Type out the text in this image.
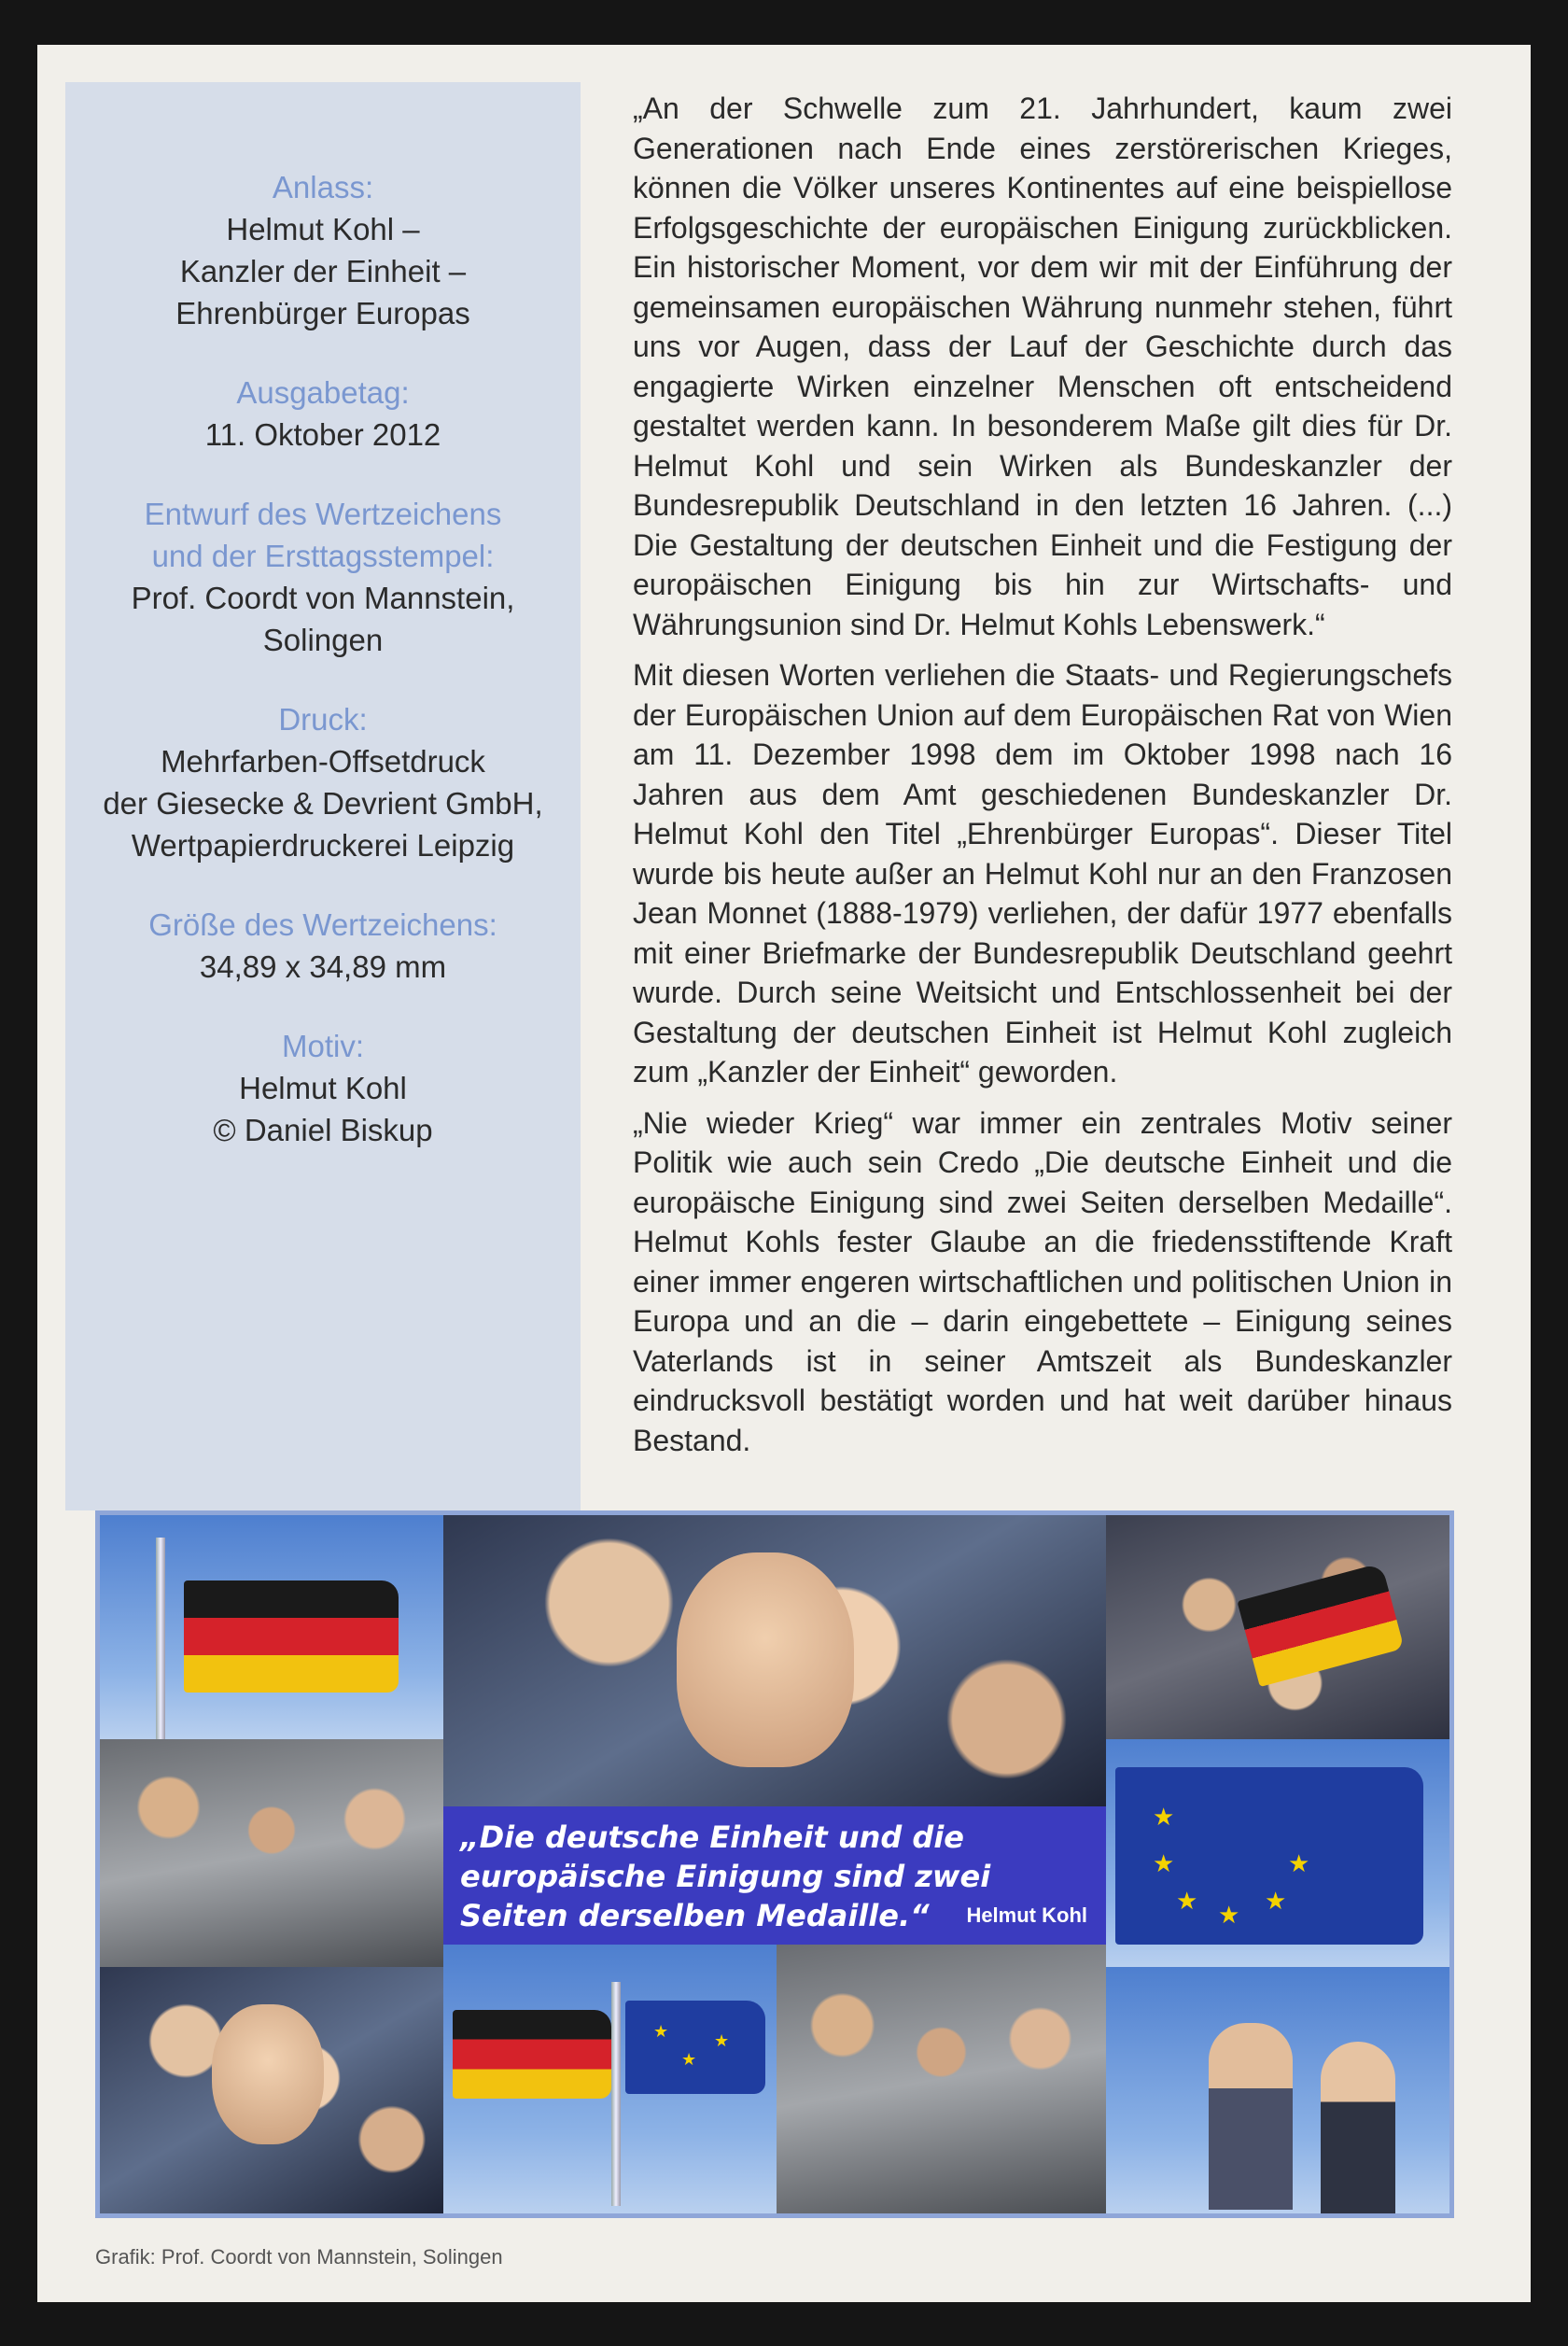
Anlass:
Helmut Kohl –
Kanzler der Einheit –
Ehrenbürger Europas
Ausgabetag:
11. Oktober 2012
Entwurf des Wertzeichens
und der Ersttagsstempel:
Prof. Coordt von Mannstein,
Solingen
Druck:
Mehrfarben-Offsetdruck
der Giesecke & Devrient GmbH,
Wertpapierdruckerei Leipzig
Größe des Wertzeichens:
34,89 x 34,89 mm
Motiv:
Helmut Kohl
© Daniel Biskup

„An der Schwelle zum 21. Jahrhundert, kaum zwei Generationen nach Ende eines zerstörerischen Krieges, können die Völker unseres Kontinentes auf eine beispiellose Erfolgsgeschichte der europäischen Einigung zurückblicken. Ein historischer Moment, vor dem wir mit der Einführung der gemeinsamen europäischen Währung nunmehr stehen, führt uns vor Augen, dass der Lauf der Geschichte durch das engagierte Wirken einzelner Menschen oft entscheidend gestaltet werden kann. In besonderem Maße gilt dies für Dr. Helmut Kohl und sein Wirken als Bundeskanzler der Bundesrepublik Deutschland in den letzten 16 Jahren. (...) Die Gestaltung der deutschen Einheit und die Festigung der europäischen Einigung bis hin zur Wirtschafts- und Währungsunion sind Dr. Helmut Kohls Lebenswerk.“

Mit diesen Worten verliehen die Staats- und Regierungschefs der Europäischen Union auf dem Europäischen Rat von Wien am 11. Dezember 1998 dem im Oktober 1998 nach 16 Jahren aus dem Amt geschiedenen Bundeskanzler Dr. Helmut Kohl den Titel „Ehrenbürger Europas“. Dieser Titel wurde bis heute außer an Helmut Kohl nur an den Franzosen Jean Monnet (1888-1979) verliehen, der dafür 1977 ebenfalls mit einer Briefmarke der Bundesrepublik Deutschland geehrt wurde. Durch seine Weitsicht und Entschlossenheit bei der Gestaltung der deutschen Einheit ist Helmut Kohl zugleich zum „Kanzler der Einheit“ geworden.

„Nie wieder Krieg“ war immer ein zentrales Motiv seiner Politik wie auch sein Credo „Die deutsche Einheit und die europäische Einigung sind zwei Seiten derselben Medaille“. Helmut Kohls fester Glaube an die friedensstiftende Kraft einer immer engeren wirtschaftlichen und politischen Union in Europa und an die – darin eingebettete – Einigung seines Vaterlands ist in seiner Amtszeit als Bundeskanzler eindrucksvoll bestätigt worden und hat weit darüber hinaus Bestand.

★
★
★ ★ ★
★
★
★
★
„Die deutsche Einheit und die europäische Einigung sind zwei Seiten derselben Medaille.“	Helmut Kohl
Grafik: Prof. Coordt von Mannstein, Solingen
